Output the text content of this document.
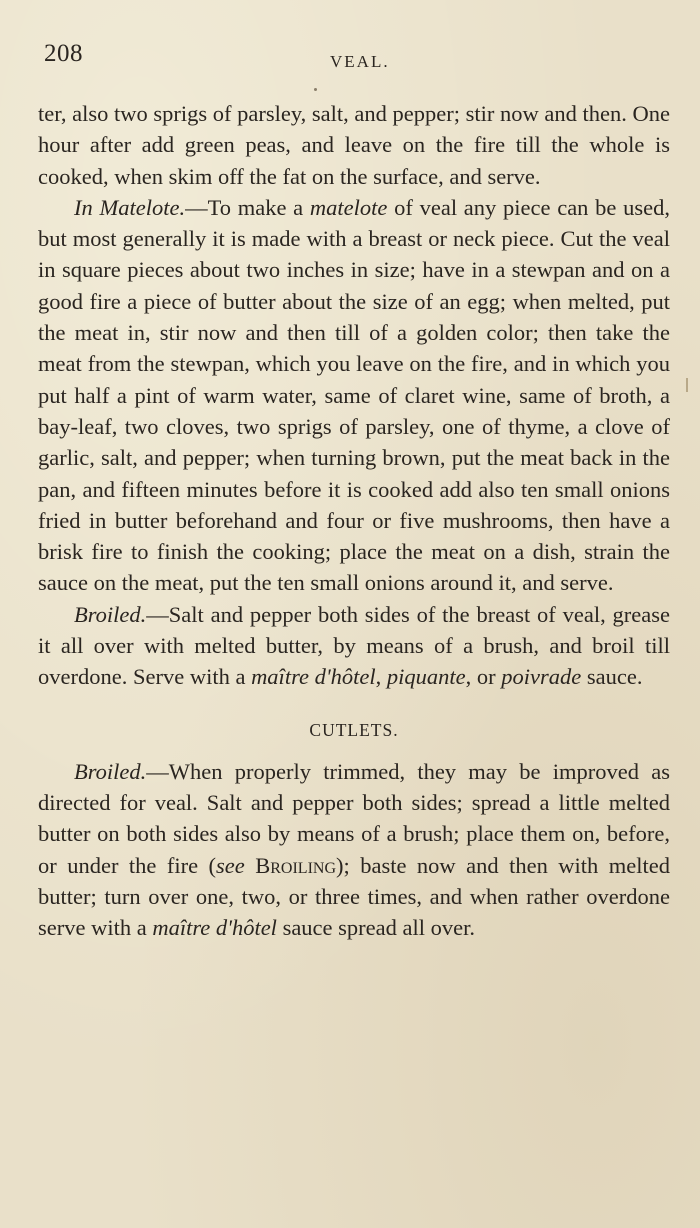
208	VEAL.

ter, also two sprigs of parsley, salt, and pepper; stir now and then. One hour after add green peas, and leave on the fire till the whole is cooked, when skim off the fat on the surface, and serve.

In Matelote.—To make a matelote of veal any piece can be used, but most generally it is made with a breast or neck piece. Cut the veal in square pieces about two inches in size; have in a stewpan and on a good fire a piece of butter about the size of an egg; when melted, put the meat in, stir now and then till of a golden color; then take the meat from the stewpan, which you leave on the fire, and in which you put half a pint of warm water, same of claret wine, same of broth, a bay-leaf, two cloves, two sprigs of parsley, one of thyme, a clove of garlic, salt, and pepper; when turning brown, put the meat back in the pan, and fifteen minutes before it is cooked add also ten small onions fried in butter beforehand and four or five mushrooms, then have a brisk fire to finish the cooking; place the meat on a dish, strain the sauce on the meat, put the ten small onions around it, and serve.

Broiled.—Salt and pepper both sides of the breast of veal, grease it all over with melted butter, by means of a brush, and broil till overdone. Serve with a maître d'hôtel, piquante, or poivrade sauce.

CUTLETS.

Broiled.—When properly trimmed, they may be improved as directed for veal. Salt and pepper both sides; spread a little melted butter on both sides also by means of a brush; place them on, before, or under the fire (see Broiling); baste now and then with melted butter; turn over one, two, or three times, and when rather overdone serve with a maître d'hôtel sauce spread all over.
